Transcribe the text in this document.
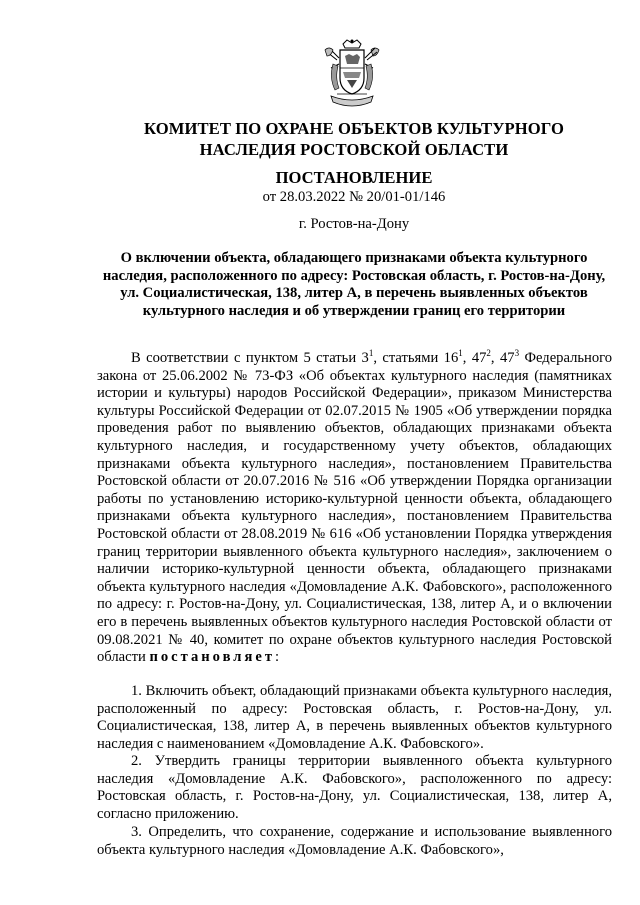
КОМИТЕТ ПО ОХРАНЕ ОБЪЕКТОВ КУЛЬТУРНОГО
НАСЛЕДИЯ РОСТОВСКОЙ ОБЛАСТИ
ПОСТАНОВЛЕНИЕ
от 28.03.2022 № 20/01-01/146
г. Ростов-на-Дону
О включении объекта, обладающего признаками объекта культурного наследия, расположенного по адресу: Ростовская область, г. Ростов-на-Дону, ул. Социалистическая, 138, литер А, в перечень выявленных объектов культурного наследия и об утверждении границ его территории
В соответствии с пунктом 5 статьи $3^1$, статьями $16^1$, $47^2$, $47^3$ Федерального закона от 25.06.2002 № 73-ФЗ «Об объектах культурного наследия (памятниках истории и культуры) народов Российской Федерации», приказом Министерства культуры Российской Федерации от 02.07.2015 № 1905 «Об утверждении порядка проведения работ по выявлению объектов, обладающих признаками объекта культурного наследия, и государственному учету объектов, обладающих признаками объекта культурного наследия», постановлением Правительства Ростовской области от 20.07.2016 № 516 «Об утверждении Порядка организации работы по установлению историко-культурной ценности объекта, обладающего признаками объекта культурного наследия», постановлением Правительства Ростовской области от 28.08.2019 № 616 «Об установлении Порядка утверждения границ территории выявленного объекта культурного наследия», заключением о наличии историко-культурной ценности объекта, обладающего признаками объекта культурного наследия «Домовладение А.К. Фабовского», расположенного по адресу: г. Ростов-на-Дону, ул. Социалистическая, 138, литер А, и о включении его в перечень выявленных объектов культурного наследия Ростовской области от 09.08.2021 № 40, комитет по охране объектов культурного наследия Ростовской области постановляет:
1. Включить объект, обладающий признаками объекта культурного наследия, расположенный по адресу: Ростовская область, г. Ростов-на-Дону, ул. Социалистическая, 138, литер А, в перечень выявленных объектов культурного наследия с наименованием «Домовладение А.К. Фабовского».
2. Утвердить границы территории выявленного объекта культурного наследия «Домовладение А.К. Фабовского», расположенного по адресу: Ростовская область, г. Ростов-на-Дону, ул. Социалистическая, 138, литер А, согласно приложению.
3. Определить, что сохранение, содержание и использование выявленного объекта культурного наследия «Домовладение А.К. Фабовского»,
